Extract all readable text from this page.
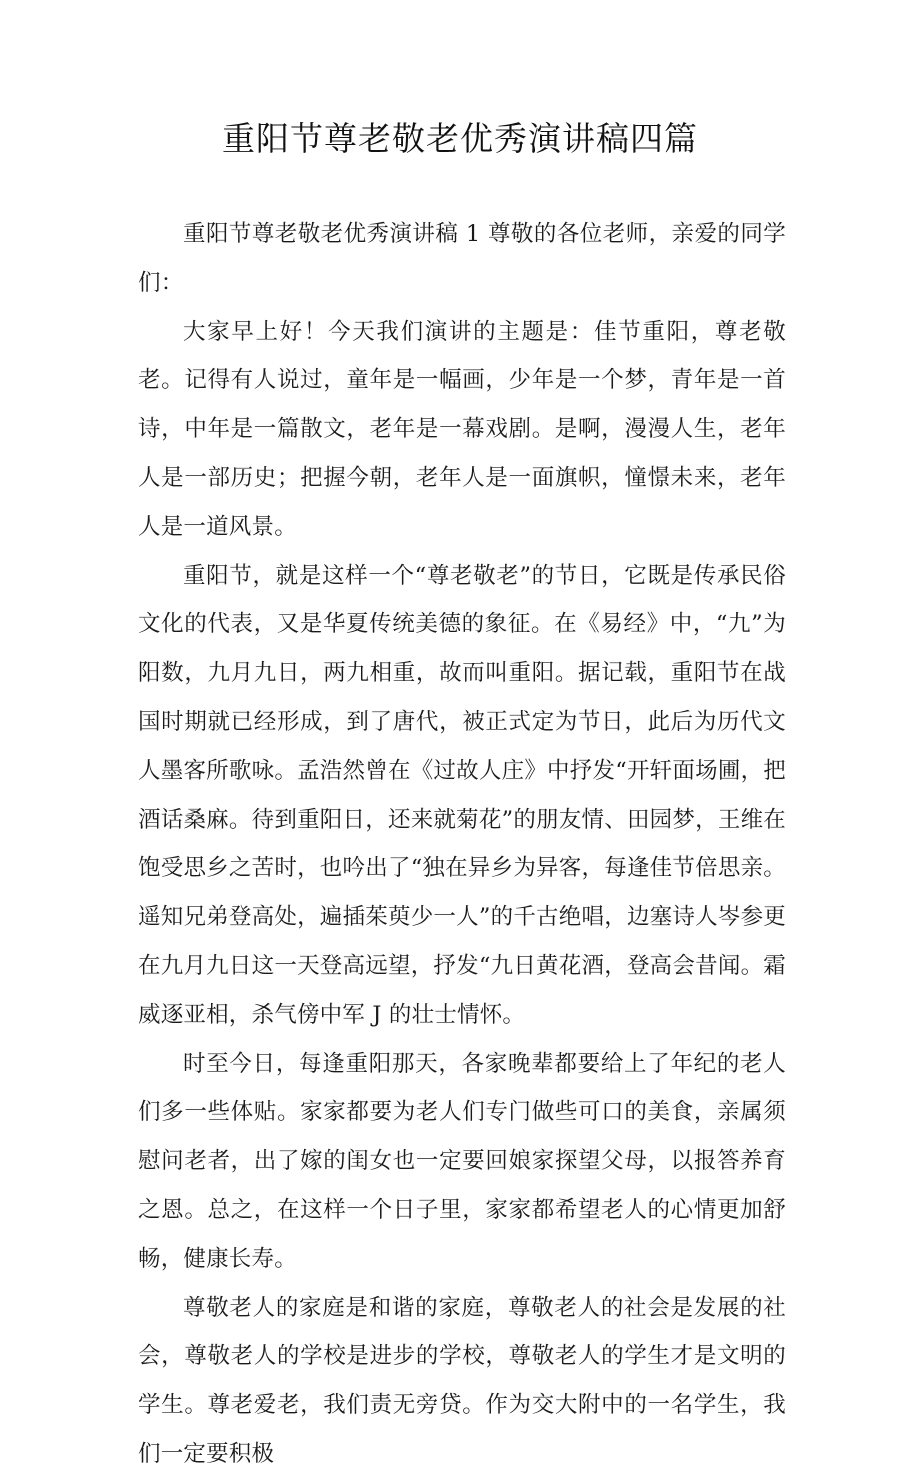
重阳节尊老敬老优秀演讲稿四篇

重阳节尊老敬老优秀演讲稿 1 尊敬的各位老师，亲爱的同学们：

大家早上好！今天我们演讲的主题是：佳节重阳，尊老敬老。记得有人说过，童年是一幅画，少年是一个梦，青年是一首诗，中年是一篇散文，老年是一幕戏剧。是啊，漫漫人生，老年人是一部历史；把握今朝，老年人是一面旗帜，憧憬未来，老年人是一道风景。

重阳节，就是这样一个“尊老敬老”的节日，它既是传承民俗文化的代表，又是华夏传统美德的象征。在《易经》中，“九”为阳数，九月九日，两九相重，故而叫重阳。据记载，重阳节在战国时期就已经形成，到了唐代，被正式定为节日，此后为历代文人墨客所歌咏。孟浩然曾在《过故人庄》中抒发“开轩面场圃，把酒话桑麻。待到重阳日，还来就菊花”的朋友情、田园梦，王维在饱受思乡之苦时，也吟出了“独在异乡为异客，每逢佳节倍思亲。遥知兄弟登高处，遍插茱萸少一人”的千古绝唱，边塞诗人岑参更在九月九日这一天登高远望，抒发“九日黄花酒，登高会昔闻。霜威逐亚相，杀气傍中军 J 的壮士情怀。

时至今日，每逢重阳那天，各家晚辈都要给上了年纪的老人们多一些体贴。家家都要为老人们专门做些可口的美食，亲属须慰问老者，出了嫁的闺女也一定要回娘家探望父母，以报答养育之恩。总之，在这样一个日子里，家家都希望老人的心情更加舒畅，健康长寿。

尊敬老人的家庭是和谐的家庭，尊敬老人的社会是发展的社会，尊敬老人的学校是进步的学校，尊敬老人的学生才是文明的学生。尊老爱老，我们责无旁贷。作为交大附中的一名学生，我们一定要积极
